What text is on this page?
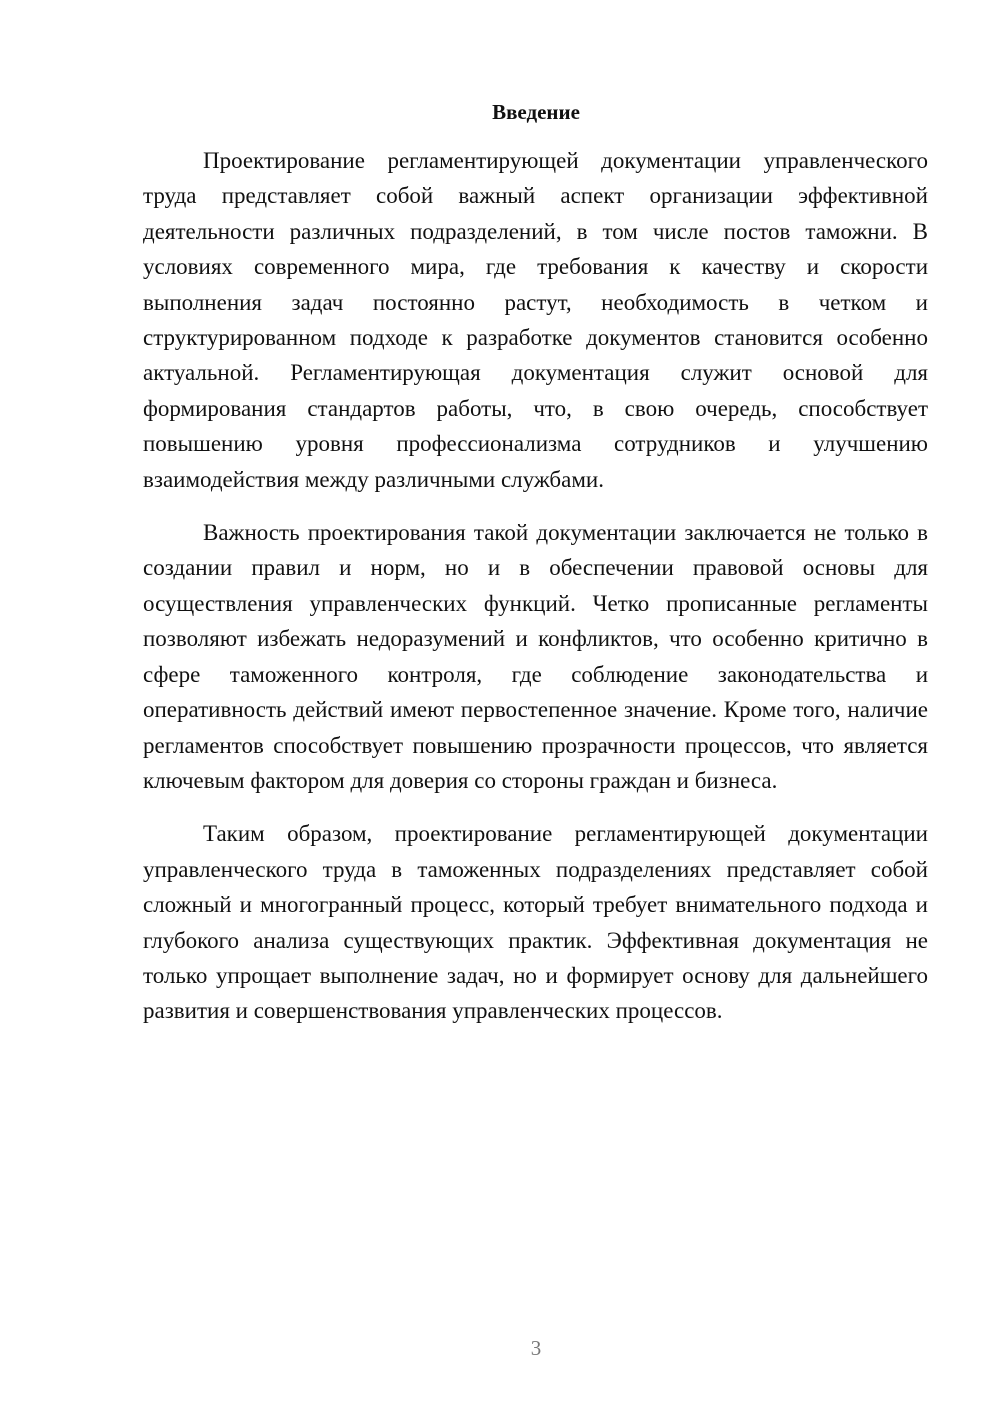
Введение

Проектирование регламентирующей документации управленческого труда представляет собой важный аспект организации эффективной деятельности различных подразделений, в том числе постов таможни. В условиях современного мира, где требования к качеству и скорости выполнения задач постоянно растут, необходимость в четком и структурированном подходе к разработке документов становится особенно актуальной. Регламентирующая документация служит основой для формирования стандартов работы, что, в свою очередь, способствует повышению уровня профессионализма сотрудников и улучшению взаимодействия между различными службами.

Важность проектирования такой документации заключается не только в создании правил и норм, но и в обеспечении правовой основы для осуществления управленческих функций. Четко прописанные регламенты позволяют избежать недоразумений и конфликтов, что особенно критично в сфере таможенного контроля, где соблюдение законодательства и оперативность действий имеют первостепенное значение. Кроме того, наличие регламентов способствует повышению прозрачности процессов, что является ключевым фактором для доверия со стороны граждан и бизнеса.

Таким образом, проектирование регламентирующей документации управленческого труда в таможенных подразделениях представляет собой сложный и многогранный процесс, который требует внимательного подхода и глубокого анализа существующих практик. Эффективная документация не только упрощает выполнение задач, но и формирует основу для дальнейшего развития и совершенствования управленческих процессов.

3
